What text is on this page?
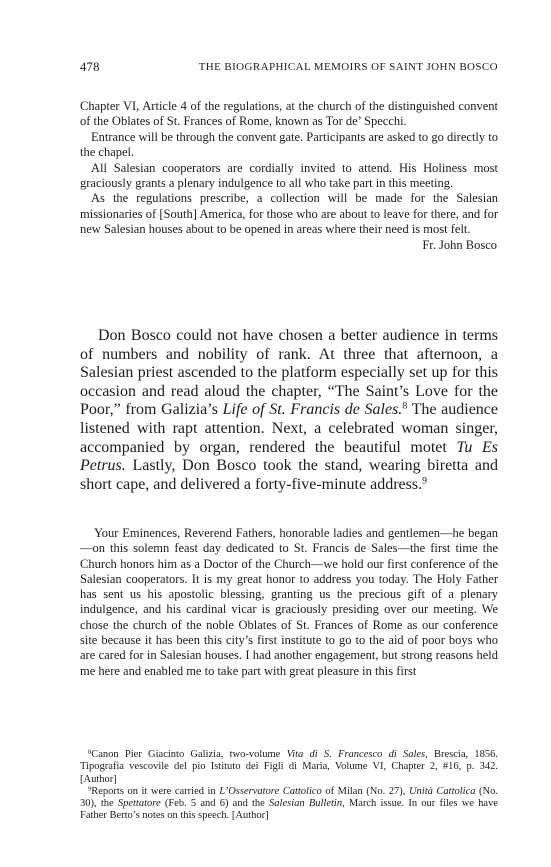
478	THE BIOGRAPHICAL MEMOIRS OF SAINT JOHN BOSCO

Chapter VI, Article 4 of the regulations, at the church of the distinguished convent of the Oblates of St. Frances of Rome, known as Tor de’ Specchi.

Entrance will be through the convent gate. Participants are asked to go directly to the chapel.

All Salesian cooperators are cordially invited to attend. His Holiness most graciously grants a plenary indulgence to all who take part in this meeting.

As the regulations prescribe, a collection will be made for the Salesian missionaries of [South] America, for those who are about to leave for there, and for new Salesian houses about to be opened in areas where their need is most felt.

Fr. John Bosco

Don Bosco could not have chosen a better audience in terms of numbers and nobility of rank. At three that afternoon, a Salesian priest ascended to the platform especially set up for this occasion and read aloud the chapter, “The Saint’s Love for the Poor,” from Galizia’s Life of St. Francis de Sales.$^8$ The audience listened with rapt attention. Next, a celebrated woman singer, accompanied by organ, rendered the beautiful motet Tu Es Petrus. Lastly, Don Bosco took the stand, wearing biretta and short cape, and delivered a forty-five-minute address.$^9$

Your Eminences, Reverend Fathers, honorable ladies and gentlemen—he began—on this solemn feast day dedicated to St. Francis de Sales—the first time the Church honors him as a Doctor of the Church—we hold our first conference of the Salesian cooperators. It is my great honor to address you today. The Holy Father has sent us his apostolic blessing, granting us the precious gift of a plenary indulgence, and his cardinal vicar is graciously presiding over our meeting. We chose the church of the noble Oblates of St. Frances of Rome as our conference site because it has been this city’s first institute to go to the aid of poor boys who are cared for in Salesian houses. I had another engagement, but strong reasons held me here and enabled me to take part with great pleasure in this first

$^8$Canon Pier Giacinto Galizia, two-volume Vita di S. Francesco di Sales, Brescia, 1856. Tipografia vescovile del pio Istituto dei Figli di Maria, Volume VI, Chapter 2, #16, p. 342. [Author]

$^9$Reports on it were carried in L’Osservatore Cattolico of Milan (No. 27), Unità Cattolica (No. 30), the Spettatore (Feb. 5 and 6) and the Salesian Bulletin, March issue. In our files we have Father Berto’s notes on this speech. [Author]
